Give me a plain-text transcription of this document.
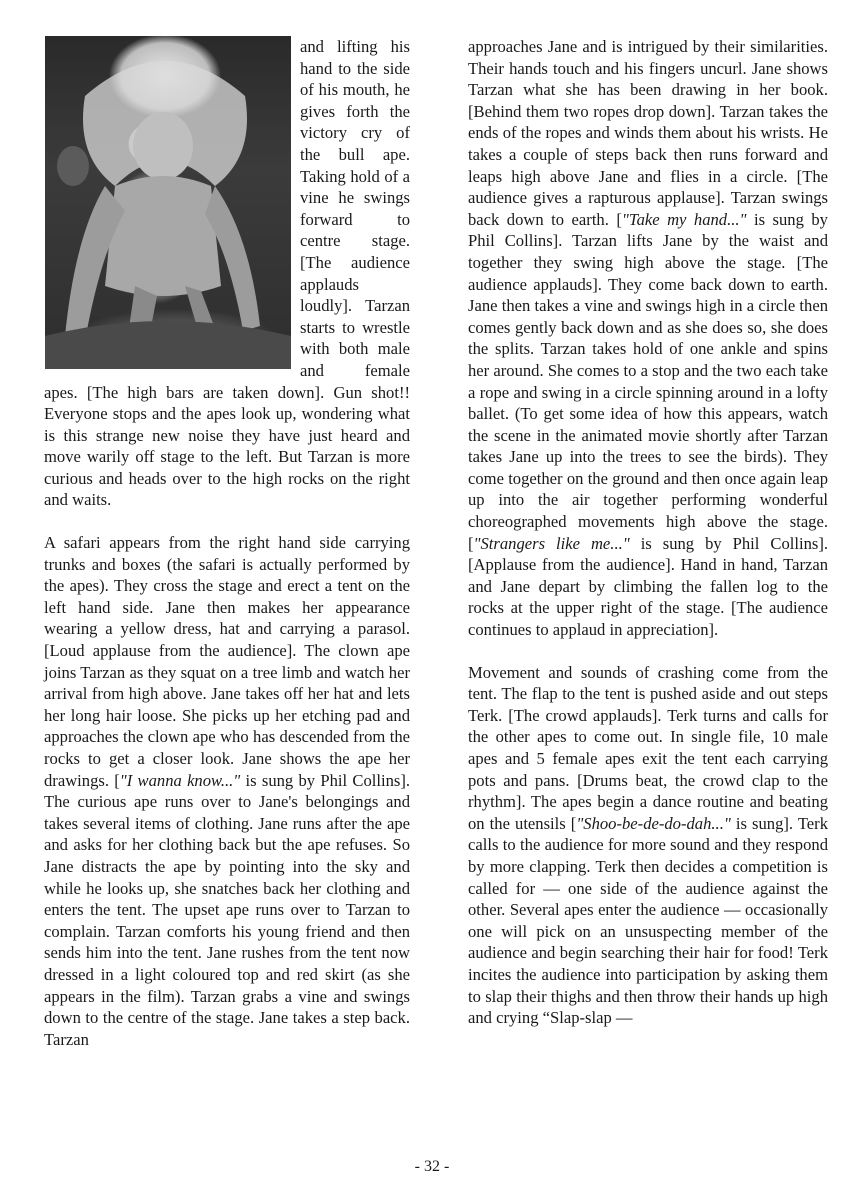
and lifting his hand to the side of his mouth, he gives forth the victory cry of the bull ape. Taking hold of a vine he swings forward to centre stage. [The audience applauds loudly]. Tarzan starts to wrestle with both male and female apes. [The high bars are taken down]. Gun shot!! Everyone stops and the apes look up, wondering what is this strange new noise they have just heard and move warily off stage to the left. But Tarzan is more curious and heads over to the high rocks on the right and waits.

A safari appears from the right hand side carrying trunks and boxes (the safari is actually performed by the apes). They cross the stage and erect a tent on the left hand side. Jane then makes her appearance wearing a yellow dress, hat and carrying a parasol. [Loud applause from the audience]. The clown ape joins Tarzan as they squat on a tree limb and watch her arrival from high above. Jane takes off her hat and lets her long hair loose. She picks up her etching pad and approaches the clown ape who has descended from the rocks to get a closer look. Jane shows the ape her drawings. ["I wanna know..." is sung by Phil Collins]. The curious ape runs over to Jane's belongings and takes several items of clothing. Jane runs after the ape and asks for her clothing back but the ape refuses. So Jane distracts the ape by pointing into the sky and while he looks up, she snatches back her clothing and enters the tent. The upset ape runs over to Tarzan to complain. Tarzan comforts his young friend and then sends him into the tent. Jane rushes from the tent now dressed in a light coloured top and red skirt (as she appears in the film). Tarzan grabs a vine and swings down to the centre of the stage. Jane takes a step back. Tarzan

approaches Jane and is intrigued by their similarities. Their hands touch and his fingers uncurl. Jane shows Tarzan what she has been drawing in her book. [Behind them two ropes drop down]. Tarzan takes the ends of the ropes and winds them about his wrists. He takes a couple of steps back then runs forward and leaps high above Jane and flies in a circle. [The audience gives a rapturous applause]. Tarzan swings back down to earth. ["Take my hand..." is sung by Phil Collins]. Tarzan lifts Jane by the waist and together they swing high above the stage. [The audience applauds]. They come back down to earth. Jane then takes a vine and swings high in a circle then comes gently back down and as she does so, she does the splits. Tarzan takes hold of one ankle and spins her around. She comes to a stop and the two each take a rope and swing in a circle spinning around in a lofty ballet. (To get some idea of how this appears, watch the scene in the animated movie shortly after Tarzan takes Jane up into the trees to see the birds). They come together on the ground and then once again leap up into the air together performing wonderful choreographed movements high above the stage. ["Strangers like me..." is sung by Phil Collins]. [Applause from the audience]. Hand in hand, Tarzan and Jane depart by climbing the fallen log to the rocks at the upper right of the stage. [The audience continues to applaud in appreciation].

Movement and sounds of crashing come from the tent. The flap to the tent is pushed aside and out steps Terk. [The crowd applauds]. Terk turns and calls for the other apes to come out. In single file, 10 male apes and 5 female apes exit the tent each carrying pots and pans. [Drums beat, the crowd clap to the rhythm]. The apes begin a dance routine and beating on the utensils ["Shoo-be-de-do-dah..." is sung]. Terk calls to the audience for more sound and they respond by more clapping. Terk then decides a competition is called for — one side of the audience against the other. Several apes enter the audience — occasionally one will pick on an unsuspecting member of the audience and begin searching their hair for food! Terk incites the audience into participation by asking them to slap their thighs and then throw their hands up high and crying “Slap-slap —

- 32 -
